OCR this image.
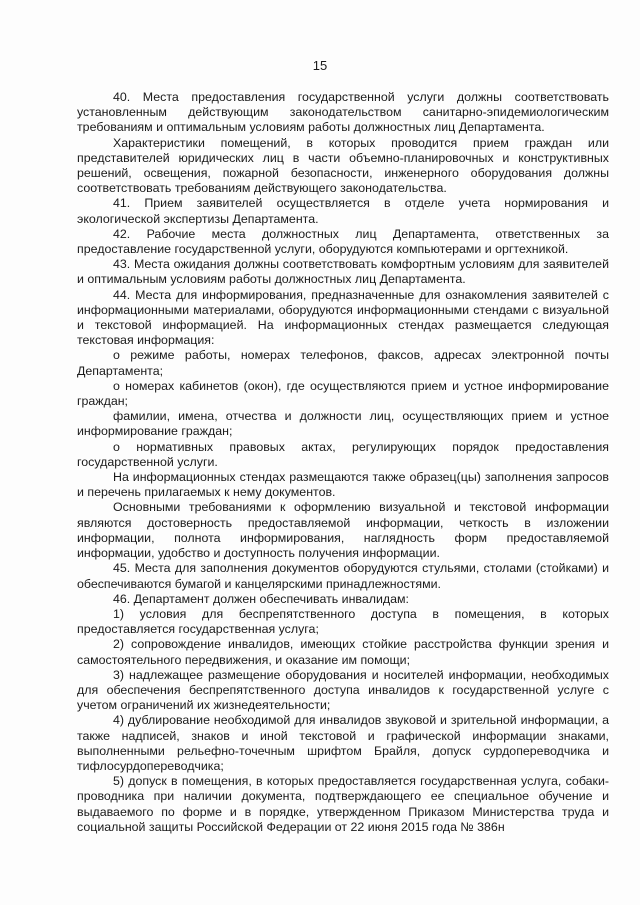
15

40. Места предоставления государственной услуги должны соответствовать установленным действующим законодательством санитарно-эпидемиологическим требованиям и оптимальным условиям работы должностных лиц Департамента.

Характеристики помещений, в которых проводится прием граждан или представителей юридических лиц в части объемно-планировочных и конструктивных решений, освещения, пожарной безопасности, инженерного оборудования должны соответствовать требованиям действующего законодательства.

41. Прием заявителей осуществляется в отделе учета нормирования и экологической экспертизы Департамента.

42. Рабочие места должностных лиц Департамента, ответственных за предоставление государственной услуги, оборудуются компьютерами и оргтехникой.

43. Места ожидания должны соответствовать комфортным условиям для заявителей и оптимальным условиям работы должностных лиц Департамента.

44. Места для информирования, предназначенные для ознакомления заявителей с информационными материалами, оборудуются информационными стендами с визуальной и текстовой информацией. На информационных стендах размещается следующая текстовая информация:

о режиме работы, номерах телефонов, факсов, адресах электронной почты Департамента;

о номерах кабинетов (окон), где осуществляются прием и устное информирование граждан;

фамилии, имена, отчества и должности лиц, осуществляющих прием и устное информирование граждан;

о нормативных правовых актах, регулирующих порядок предоставления государственной услуги.

На информационных стендах размещаются также образец(цы) заполнения запросов и перечень прилагаемых к нему документов.

Основными требованиями к оформлению визуальной и текстовой информации являются достоверность предоставляемой информации, четкость в изложении информации, полнота информирования, наглядность форм предоставляемой информации, удобство и доступность получения информации.

45. Места для заполнения документов оборудуются стульями, столами (стойками) и обеспечиваются бумагой и канцелярскими принадлежностями.

46. Департамент должен обеспечивать инвалидам:

1) условия для беспрепятственного доступа в помещения, в которых предоставляется государственная услуга;

2) сопровождение инвалидов, имеющих стойкие расстройства функции зрения и самостоятельного передвижения, и оказание им помощи;

3) надлежащее размещение оборудования и носителей информации, необходимых для обеспечения беспрепятственного доступа инвалидов к государственной услуге с учетом ограничений их жизнедеятельности;

4) дублирование необходимой для инвалидов звуковой и зрительной информации, а также надписей, знаков и иной текстовой и графической информации знаками, выполненными рельефно-точечным шрифтом Брайля, допуск сурдопереводчика и тифлосурдопереводчика;

5) допуск в помещения, в которых предоставляется государственная услуга, собаки-проводника при наличии документа, подтверждающего ее специальное обучение и выдаваемого по форме и в порядке, утвержденном Приказом Министерства труда и социальной защиты Российской Федерации от 22 июня 2015 года № 386н
